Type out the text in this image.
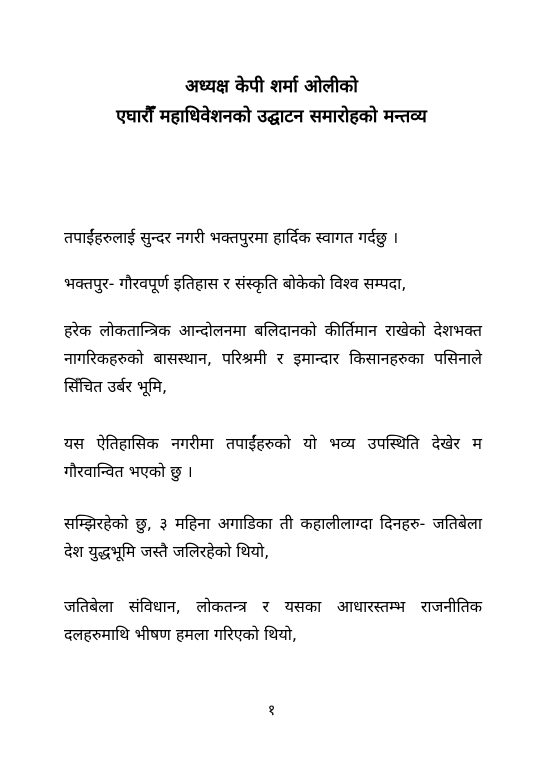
अध्यक्ष केपी शर्मा ओलीको
एघारौँ महाधिवेशनको उद्घाटन समारोहको मन्तव्य

तपाईंहरुलाई सुन्दर नगरी भक्तपुरमा हार्दिक स्वागत गर्दछु ।

भक्तपुर- गौरवपूर्ण इतिहास र संस्कृति बोकेको विश्व सम्पदा,

हरेक लोकतान्त्रिक आन्दोलनमा बलिदानको कीर्तिमान राखेको देशभक्त नागरिकहरुको बासस्थान, परिश्रमी र इमान्दार किसानहरुका पसिनाले सिँचित उर्बर भूमि,

यस ऐतिहासिक नगरीमा तपाईंहरुको यो भव्य उपस्थिति देखेर म गौरवान्वित भएको छु ।

सम्झिरहेको छु, ३ महिना अगाडिका ती कहालीलाग्दा दिनहरु- जतिबेला देश युद्धभूमि जस्तै जलिरहेको थियो,

जतिबेला संविधान, लोकतन्त्र र यसका आधारस्तम्भ राजनीतिक दलहरुमाथि भीषण हमला गरिएको थियो,

१
